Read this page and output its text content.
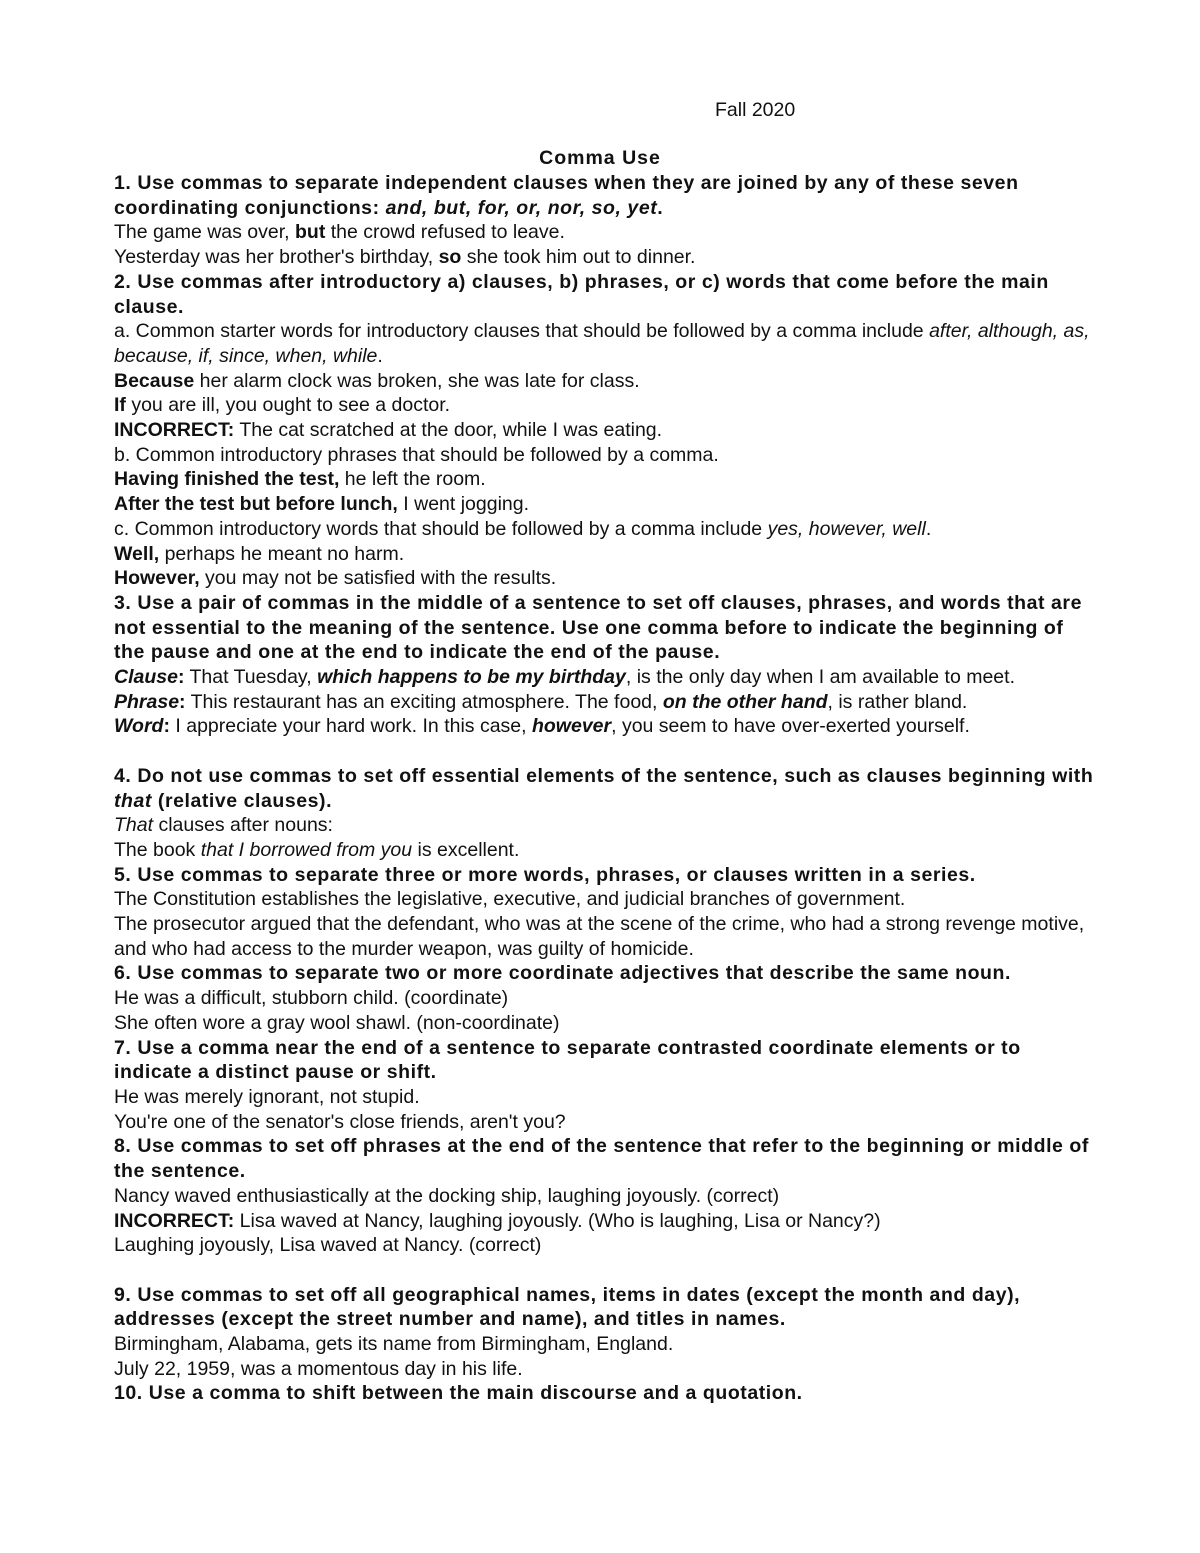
Fall 2020

Comma Use

1. Use commas to separate independent clauses when they are joined by any of these seven coordinating conjunctions: and, but, for, or, nor, so, yet.

The game was over, but the crowd refused to leave.

Yesterday was her brother's birthday, so she took him out to dinner.

2. Use commas after introductory a) clauses, b) phrases, or c) words that come before the main clause.

a. Common starter words for introductory clauses that should be followed by a comma include after, although, as, because, if, since, when, while.

Because her alarm clock was broken, she was late for class.

If you are ill, you ought to see a doctor.

INCORRECT: The cat scratched at the door, while I was eating.

b. Common introductory phrases that should be followed by a comma.

Having finished the test, he left the room.

After the test but before lunch, I went jogging.

c. Common introductory words that should be followed by a comma include yes, however, well.

Well, perhaps he meant no harm.

However, you may not be satisfied with the results.

3. Use a pair of commas in the middle of a sentence to set off clauses, phrases, and words that are not essential to the meaning of the sentence. Use one comma before to indicate the beginning of the pause and one at the end to indicate the end of the pause.

Clause: That Tuesday, which happens to be my birthday, is the only day when I am available to meet.

Phrase: This restaurant has an exciting atmosphere. The food, on the other hand, is rather bland.

Word: I appreciate your hard work. In this case, however, you seem to have over-exerted yourself.

4. Do not use commas to set off essential elements of the sentence, such as clauses beginning with that (relative clauses).

That clauses after nouns:

The book that I borrowed from you is excellent.

5. Use commas to separate three or more words, phrases, or clauses written in a series.

The Constitution establishes the legislative, executive, and judicial branches of government.

The prosecutor argued that the defendant, who was at the scene of the crime, who had a strong revenge motive, and who had access to the murder weapon, was guilty of homicide.

6. Use commas to separate two or more coordinate adjectives that describe the same noun.

He was a difficult, stubborn child. (coordinate)

She often wore a gray wool shawl. (non-coordinate)

7. Use a comma near the end of a sentence to separate contrasted coordinate elements or to indicate a distinct pause or shift.

He was merely ignorant, not stupid.

You're one of the senator's close friends, aren't you?

8. Use commas to set off phrases at the end of the sentence that refer to the beginning or middle of the sentence.

Nancy waved enthusiastically at the docking ship, laughing joyously. (correct)

INCORRECT: Lisa waved at Nancy, laughing joyously. (Who is laughing, Lisa or Nancy?)

Laughing joyously, Lisa waved at Nancy. (correct)

9. Use commas to set off all geographical names, items in dates (except the month and day), addresses (except the street number and name), and titles in names.

Birmingham, Alabama, gets its name from Birmingham, England.

July 22, 1959, was a momentous day in his life.

10. Use a comma to shift between the main discourse and a quotation.
